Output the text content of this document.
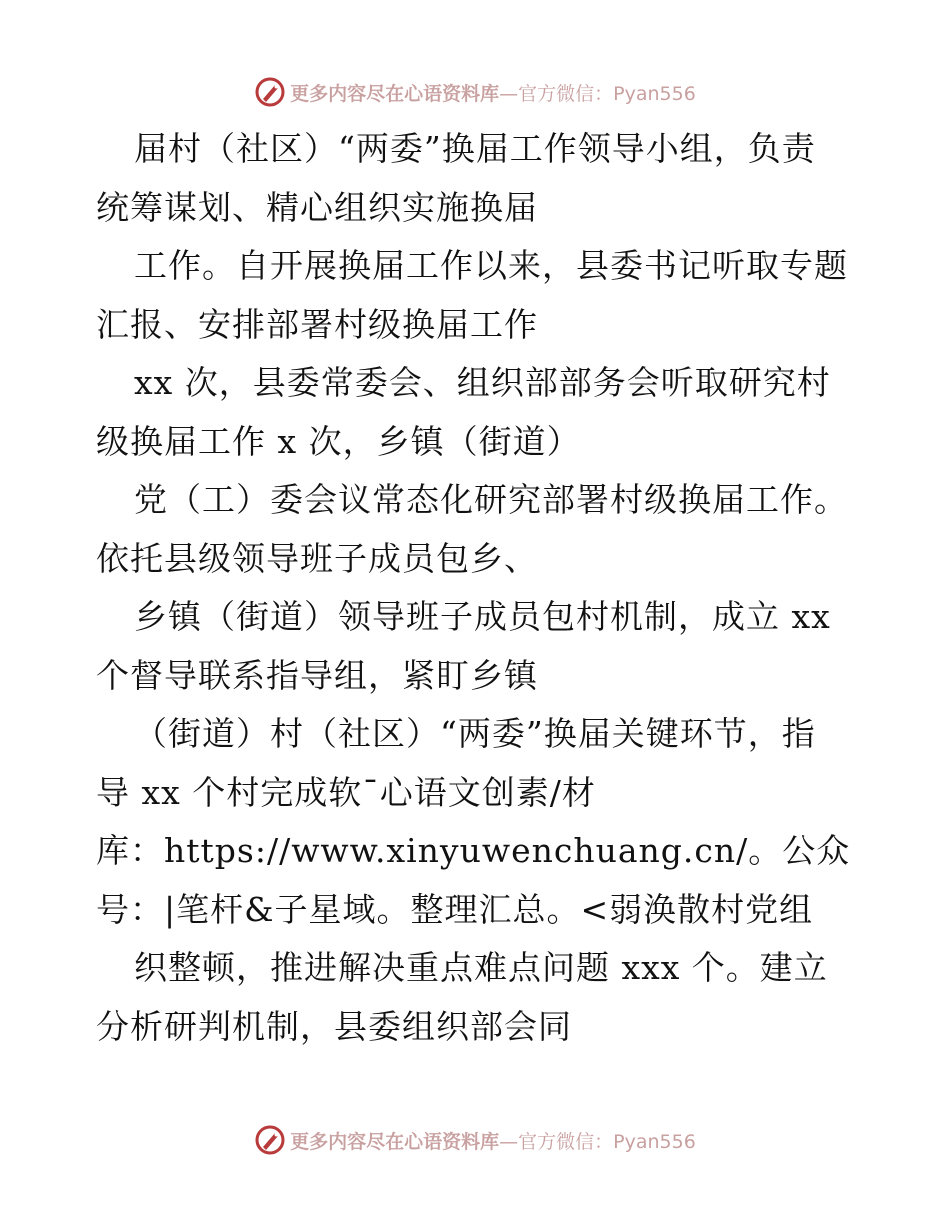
更多内容尽在心语资料库 —官方微信：Pyan556
届村（社区）“两委”换届工作领导小组，负责
统筹谋划、精心组织实施换届
工作。自开展换届工作以来，县委书记听取专题
汇报、安排部署村级换届工作
xx 次，县委常委会、组织部部务会听取研究村
级换届工作 x 次，乡镇（街道）
党（工）委会议常态化研究部署村级换届工作。
依托县级领导班子成员包乡、
乡镇（街道）领导班子成员包村机制，成立 xx
个督导联系指导组，紧盯乡镇
（街道）村（社区）“两委”换届关键环节，指
导 xx 个村完成软¯心语文创素/材
库：https://www.xinyuwenchuang.cn/。公众
号：|笔杆&子星域。整理汇总。<弱涣散村党组
织整顿，推进解决重点难点问题 xxx 个。建立
分析研判机制，县委组织部会同
更多内容尽在心语资料库 —官方微信：Pyan556
